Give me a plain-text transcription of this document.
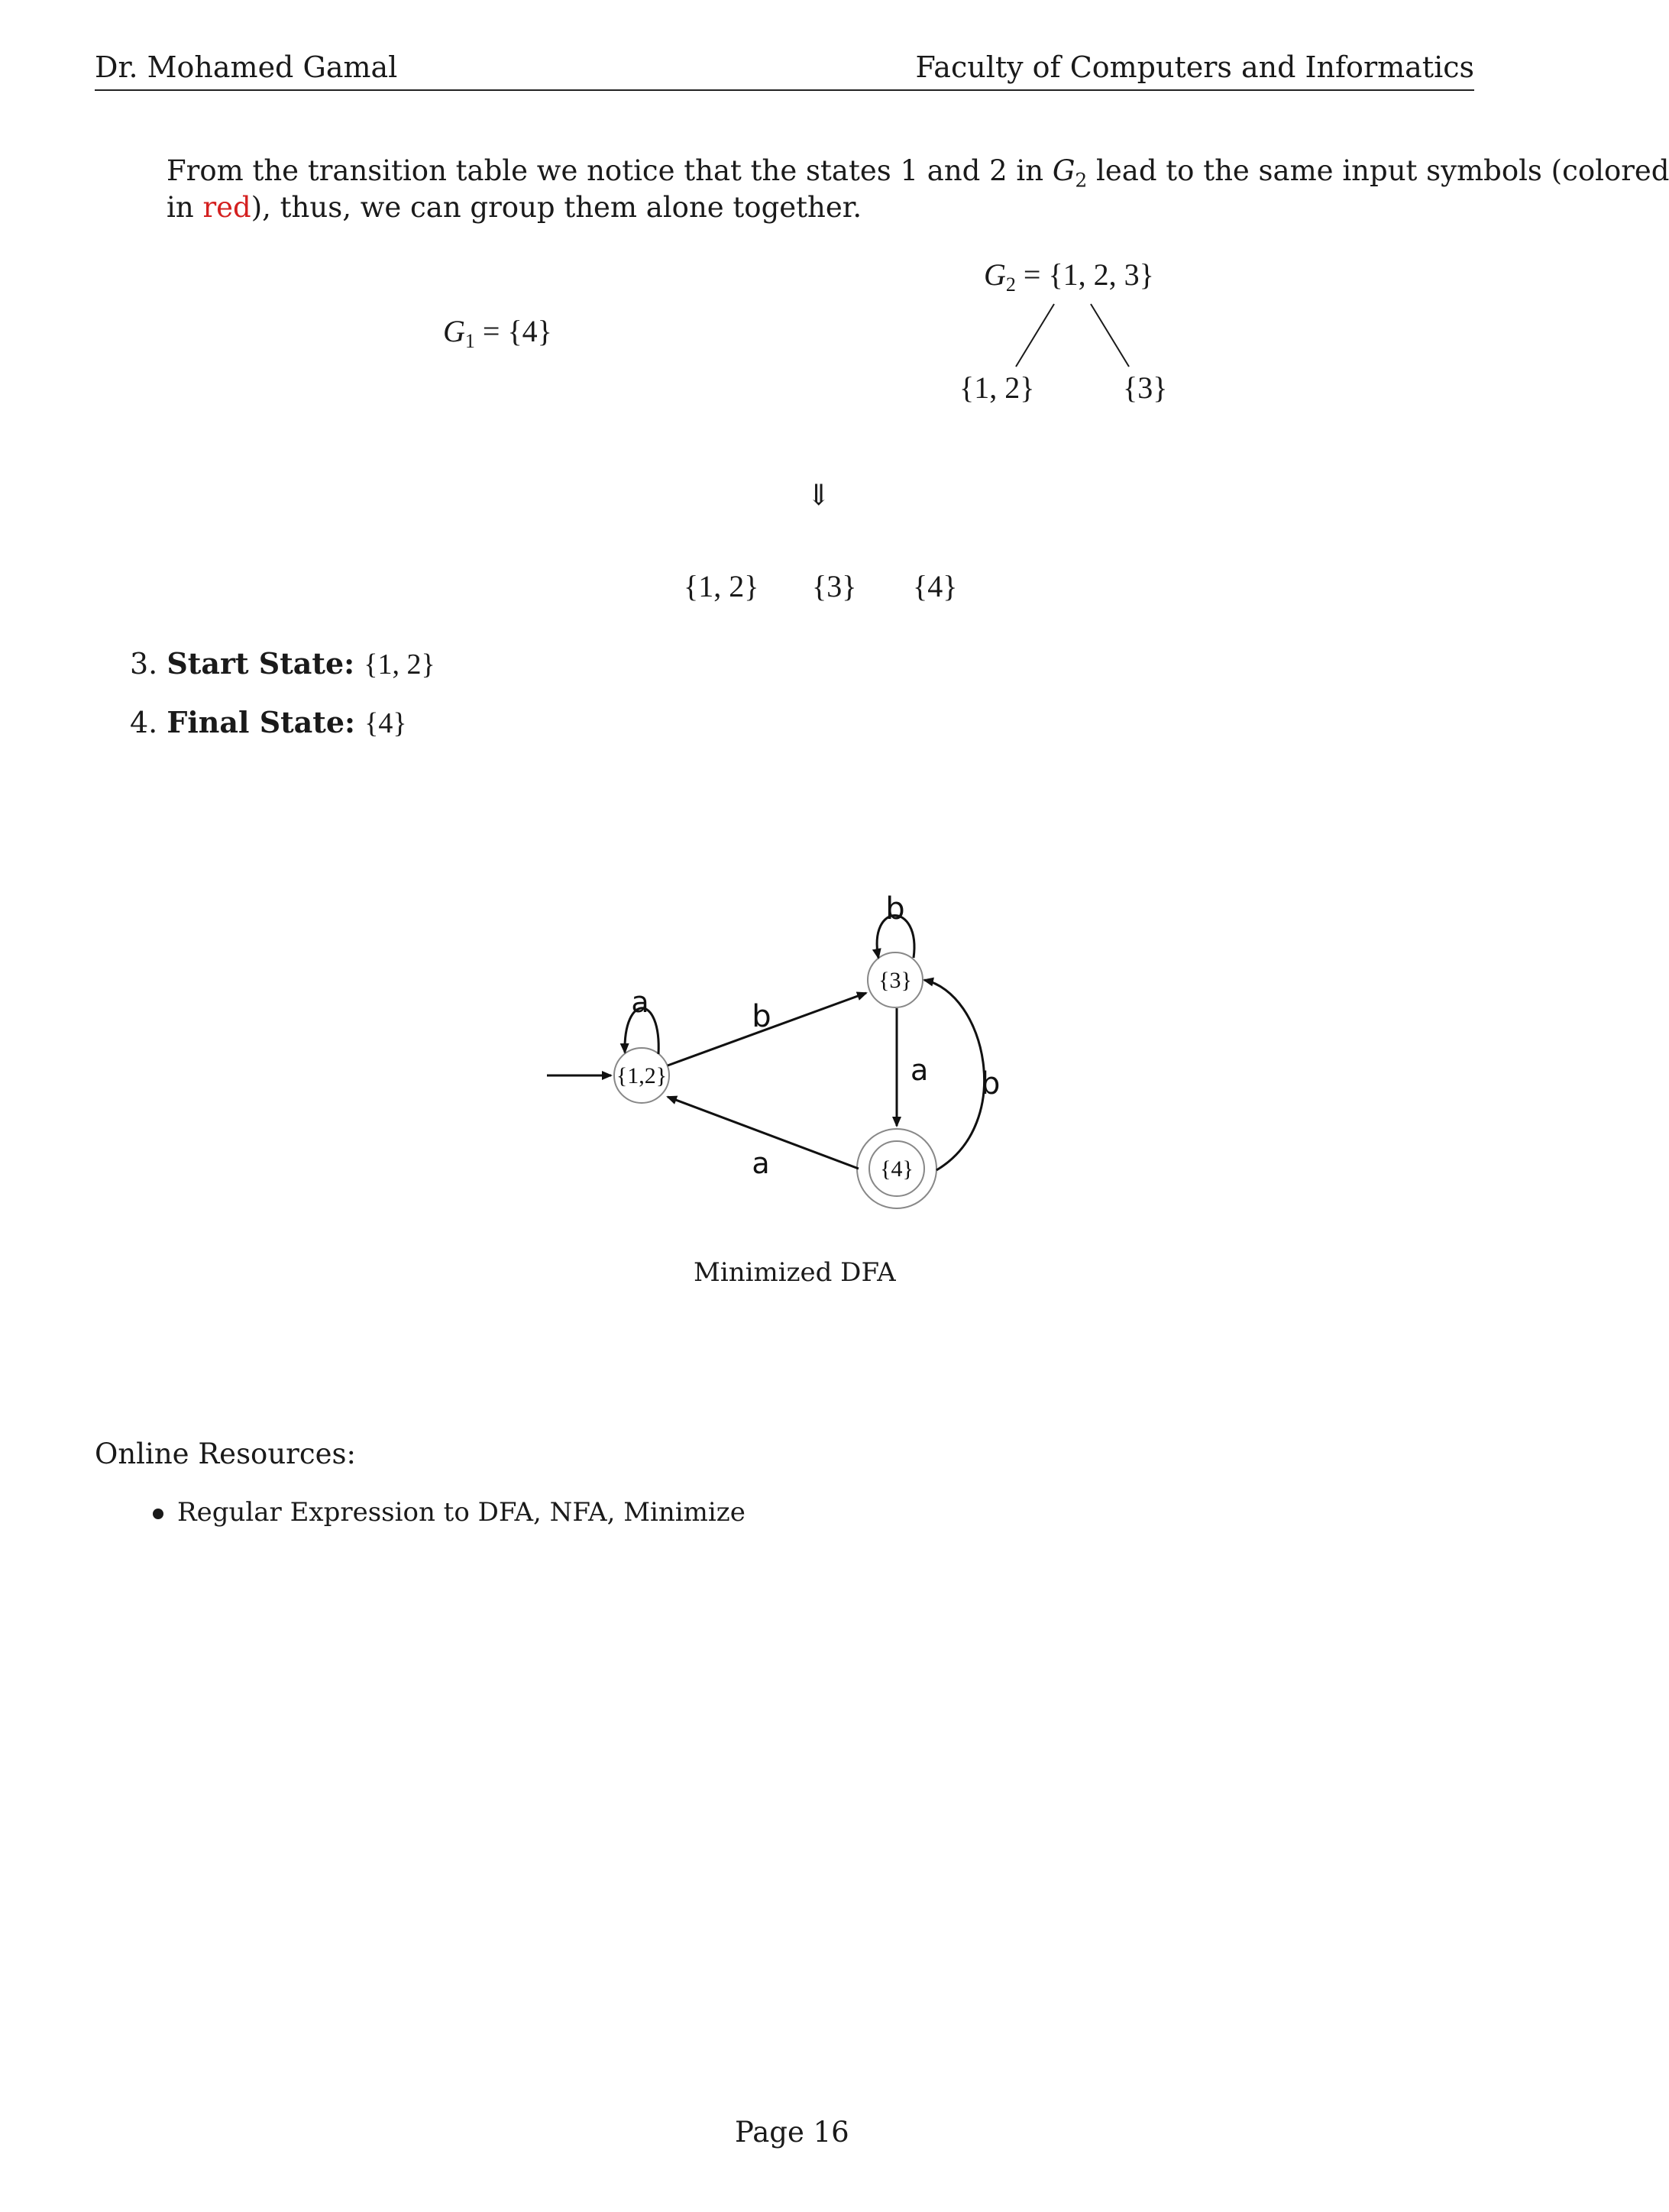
Dr. Mohamed Gamal	Faculty of Computers and Informatics
From the transition table we notice that the states 1 and 2 in $G_2$ lead to the same input symbols (colored
in red), thus, we can group them alone together.
$G_1 = \{4\}$
$G_2 = \{1$, 2, 3}
{1, 2}	{3}
⇓
{1, 2} {3} {4}
3. Start State: {1, 2}
4. Final State: {4}
{1,2}
{3}
{4}
a	b
b
a
a
b
Minimized DFA
Online Resources:
Regular Expression to DFA, NFA, Minimize
Page 16
